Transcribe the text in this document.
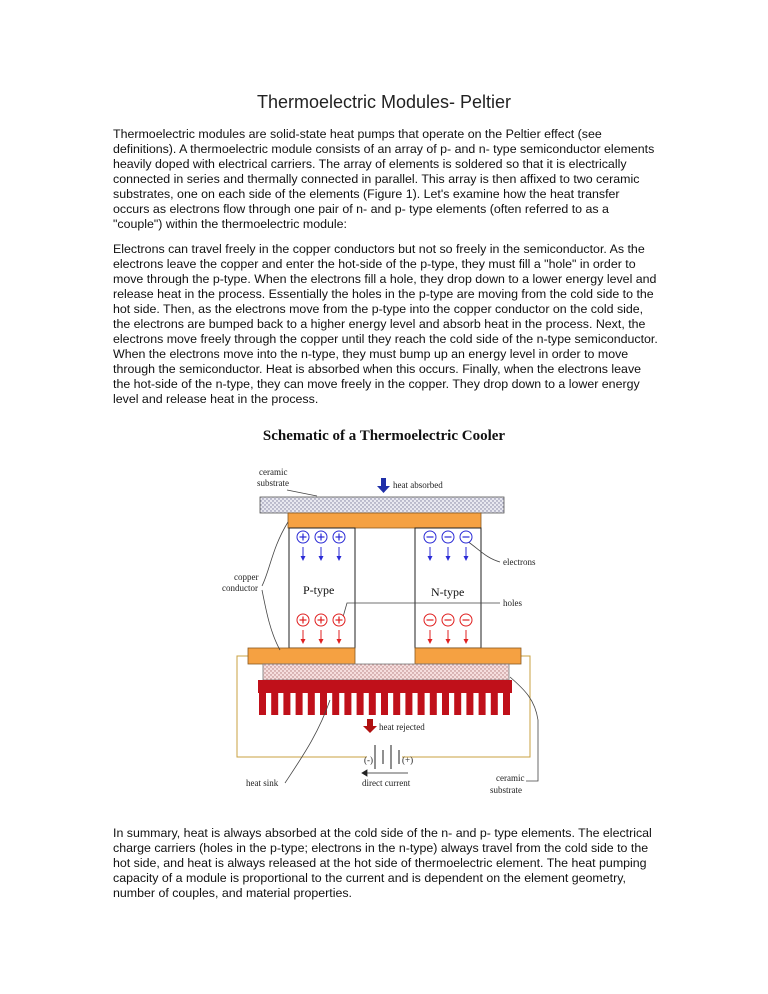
Thermoelectric Modules- Peltier

Thermoelectric modules are solid-state heat pumps that operate on the Peltier effect (see definitions). A thermoelectric module consists of an array of p- and n- type semiconductor elements heavily doped with electrical carriers. The array of elements is soldered so that it is electrically connected in series and thermally connected in parallel. This array is then affixed to two ceramic substrates, one on each side of the elements (Figure 1). Let's examine how the heat transfer occurs as electrons flow through one pair of n- and p- type elements (often referred to as a "couple") within the thermoelectric module:

Electrons can travel freely in the copper conductors but not so freely in the semiconductor. As the electrons leave the copper and enter the hot-side of the p-type, they must fill a "hole" in order to move through the p-type. When the electrons fill a hole, they drop down to a lower energy level and release heat in the process. Essentially the holes in the p-type are moving from the cold side to the hot side. Then, as the electrons move from the p-type into the copper conductor on the cold side, the electrons are bumped back to a higher energy level and absorb heat in the process. Next, the electrons move freely through the copper until they reach the cold side of the n-type semiconductor. When the electrons move into the n-type, they must bump up an energy level in order to move through the semiconductor. Heat is absorbed when this occurs. Finally, when the electrons leave the hot-side of the n-type, they can move freely in the copper. They drop down to a lower energy level and release heat in the process.

Schematic of a Thermoelectric Cooler

In summary, heat is always absorbed at the cold side of the n- and p- type elements. The electrical charge carriers (holes in the p-type; electrons in the n-type) always travel from the cold side to the hot side, and heat is always released at the hot side of thermoelectric element. The heat pumping capacity of a module is proportional to the current and is dependent on the element geometry, number of couples, and material properties.

ceramic
substrate	heat absorbed
copper
conductor	P-type	N-type
electrons
holes
heat rejected
(-)	(+)
direct current
heat sink	ceramic
substrate
